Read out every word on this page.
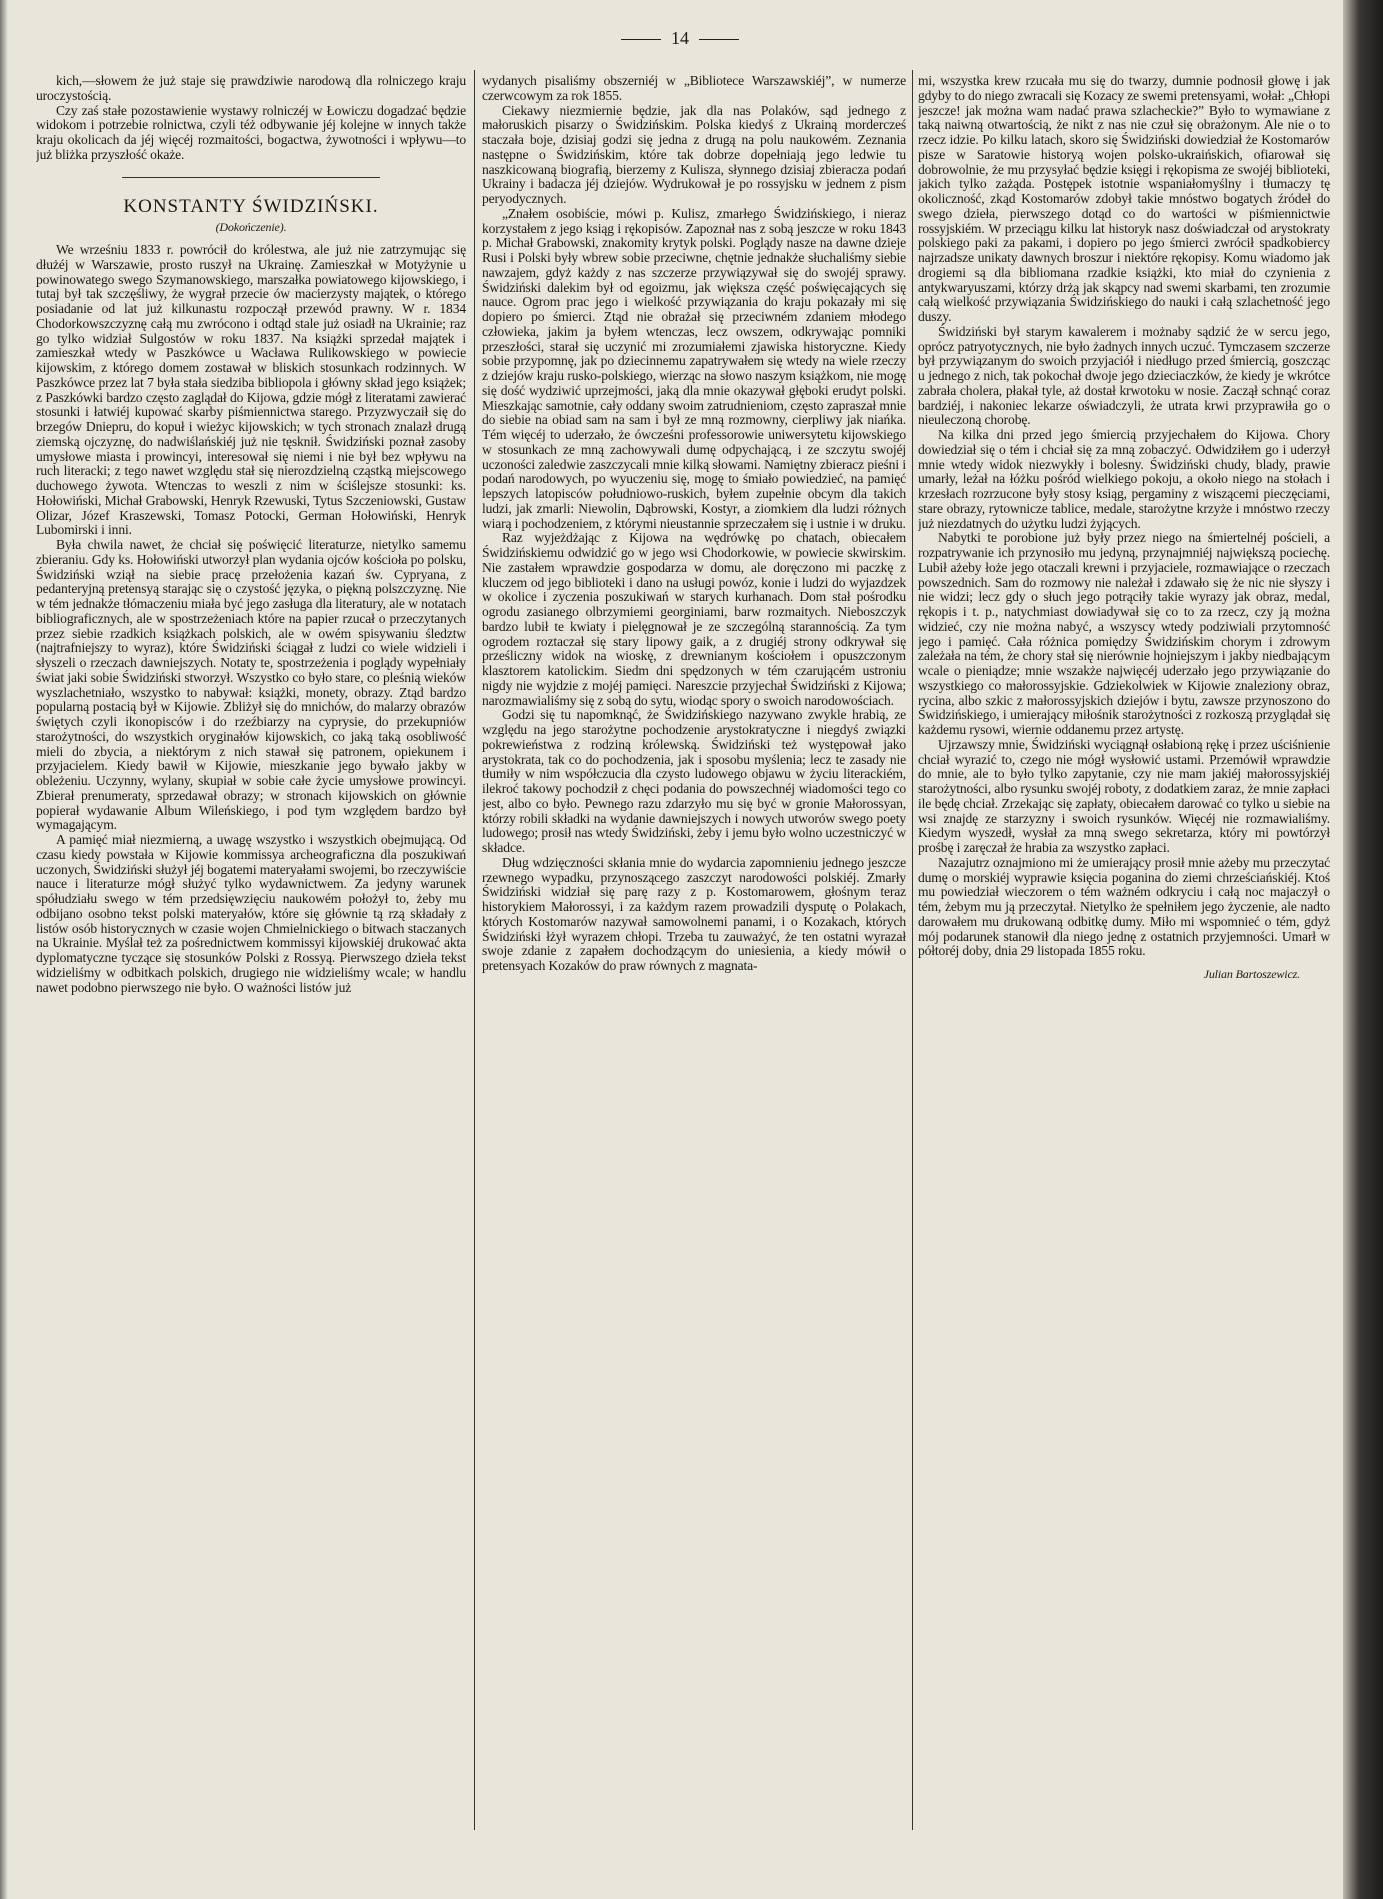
14

kich,—słowem że już staje się prawdziwie narodową dla rolniczego kraju uroczystością.

Czy zaś stałe pozostawienie wystawy rolniczéj w Łowiczu dogadzać będzie widokom i potrzebie rolnictwa, czyli téż odbywanie jéj kolejne w innych także kraju okolicach da jéj więcéj rozmaitości, bogactwa, żywotności i wpływu—to już bliżka przyszłość okaże.

KONSTANTY ŚWIDZIŃSKI.

(Dokończenie).

We wrześniu 1833 r. powrócił do królestwa, ale już nie zatrzymując się dłużéj w Warszawie, prosto ruszył na Ukrainę. Zamieszkał w Motyżynie u powinowatego swego Szymanowskiego, marszałka powiatowego kijowskiego, i tutaj był tak szczęśliwy, że wygrał przecie ów macierzysty majątek, o którego posiadanie od lat już kilkunastu rozpoczął przewód prawny. W r. 1834 Chodorkowszczyznę całą mu zwrócono i odtąd stale już osiadł na Ukrainie; raz go tylko widział Sulgostów w roku 1837. Na książki sprzedał majątek i zamieszkał wtedy w Paszkówce u Wacława Rulikowskiego w powiecie kijowskim, z którego domem zostawał w bliskich stosunkach rodzinnych. W Paszkówce przez lat 7 była stała siedziba bibliopola i główny skład jego książek; z Paszkówki bardzo często zaglądał do Kijowa, gdzie mógł z literatami zawierać stosunki i łatwiéj kupować skarby piśmiennictwa starego. Przyzwyczaił się do brzegów Dniepru, do kopuł i wieżyc kijowskich; w tych stronach znalazł drugą ziemską ojczyznę, do nadwiślańskiéj już nie tęsknił. Świdziński poznał zasoby umysłowe miasta i prowincyi, interesował się niemi i nie był bez wpływu na ruch literacki; z tego nawet względu stał się nierozdzielną cząstką miejscowego duchowego żywota. Wtenczas to weszli z nim w ściślejsze stosunki: ks. Hołowiński, Michał Grabowski, Henryk Rzewuski, Tytus Szczeniowski, Gustaw Olizar, Józef Kraszewski, Tomasz Potocki, German Hołowiński, Henryk Lubomirski i inni.

Była chwila nawet, że chciał się poświęcić literaturze, nietylko samemu zbieraniu. Gdy ks. Hołowiński utworzył plan wydania ojców kościoła po polsku, Świdziński wziął na siebie pracę przełożenia kazań św. Cypryana, z pedanteryjną pretensyą starając się o czystość języka, o piękną polszczyznę. Nie w tém jednakże tłómaczeniu miała być jego zasługa dla literatury, ale w notatach bibliograficznych, ale w spostrzeżeniach które na papier rzucał o przeczytanych przez siebie rzadkich książkach polskich, ale w owém spisywaniu śledztw (najtrafniejszy to wyraz), które Świdziński ściągał z ludzi co wiele widzieli i słyszeli o rzeczach dawniejszych. Notaty te, spostrzeżenia i poglądy wypełniały świat jaki sobie Świdziński stworzył. Wszystko co było stare, co pleśnią wieków wyszlachetniało, wszystko to nabywał: książki, monety, obrazy. Ztąd bardzo popularną postacią był w Kijowie. Zbliżył się do mnichów, do malarzy obrazów świętych czyli ikonopisców i do rzeźbiarzy na cyprysie, do przekupniów starożytności, do wszystkich oryginałów kijowskich, co jaką taką osobliwość mieli do zbycia, a niektórym z nich stawał się patronem, opiekunem i przyjacielem. Kiedy bawił w Kijowie, mieszkanie jego bywało jakby w obleżeniu. Uczynny, wylany, skupiał w sobie całe życie umysłowe prowincyi. Zbierał prenumeraty, sprzedawał obrazy; w stronach kijowskich on głównie popierał wydawanie Album Wileńskiego, i pod tym względem bardzo był wymagającym.

A pamięć miał niezmierną, a uwagę wszystko i wszystkich obejmującą. Od czasu kiedy powstała w Kijowie kommissya archeograficzna dla poszukiwań uczonych, Świdziński służył jéj bogatemi materyałami swojemi, bo rzeczywiście nauce i literaturze mógł służyć tylko wydawnictwem. Za jedyny warunek spółudziału swego w tém przedsięwzięciu naukowém położył to, żeby mu odbijano osobno tekst polski materyałów, które się głównie tą rzą składały z listów osób historycznych w czasie wojen Chmielnickiego o bitwach staczanych na Ukrainie. Myślał też za pośrednictwem kommissyi kijowskiéj drukować akta dyplomatyczne tyczące się stosunków Polski z Rossyą. Pierwszego dzieła tekst widzieliśmy w odbitkach polskich, drugiego nie widzieliśmy wcale; w handlu nawet podobno pierwszego nie było. O ważności listów już

wydanych pisaliśmy obszerniéj w „Bibliotece Warszawskiéj”, w numerze czerwcowym za rok 1855.

Ciekawy niezmiernie będzie, jak dla nas Polaków, sąd jednego z małoruskich pisarzy o Świdzińskim. Polska kiedyś z Ukrainą mordercześ staczała boje, dzisiaj godzi się jedna z drugą na polu naukowém. Zeznania następne o Świdzińskim, które tak dobrze dopełniają jego ledwie tu naszkicowaną biografią, bierzemy z Kulisza, słynnego dzisiaj zbieracza podań Ukrainy i badacza jéj dziejów. Wydrukował je po rossyjsku w jednem z pism peryodycznych.

„Znałem osobiście, mówi p. Kulisz, zmarłego Świdzińskiego, i nieraz korzystałem z jego ksiąg i rękopisów. Zapoznał nas z sobą jeszcze w roku 1843 p. Michał Grabowski, znakomity krytyk polski. Poglądy nasze na dawne dzieje Rusi i Polski były wbrew sobie przeciwne, chętnie jednakże słuchaliśmy siebie nawzajem, gdyż każdy z nas szczerze przywiązywał się do swojéj sprawy. Świdziński dalekim był od egoizmu, jak większa część poświęcających się nauce. Ogrom prac jego i wielkość przywiązania do kraju pokazały mi się dopiero po śmierci. Ztąd nie obrażał się przeciwném zdaniem młodego człowieka, jakim ja byłem wtenczas, lecz owszem, odkrywając pomniki przeszłości, starał się uczynić mi zrozumiałemi zjawiska historyczne. Kiedy sobie przypomnę, jak po dziecinnemu zapatrywałem się wtedy na wiele rzeczy z dziejów kraju rusko-polskiego, wierząc na słowo naszym książkom, nie mogę się dość wydziwić uprzejmości, jaką dla mnie okazywał głęboki erudyt polski. Mieszkając samotnie, cały oddany swoim zatrudnieniom, często zapraszał mnie do siebie na obiad sam na sam i był ze mną rozmowny, cierpliwy jak niańka. Tém więcéj to uderzało, że ówcześni professorowie uniwersytetu kijowskiego w stosunkach ze mną zachowywali dumę odpychającą, i ze szczytu swojéj uczoności zaledwie zaszczycali mnie kilką słowami. Namiętny zbieracz pieśni i podań narodowych, po wyuczeniu się, mogę to śmiało powiedzieć, na pamięć lepszych latopisców południowo-ruskich, byłem zupełnie obcym dla takich ludzi, jak zmarli: Niewolin, Dąbrowski, Kostyr, a ziomkiem dla ludzi różnych wiarą i pochodzeniem, z którymi nieustannie sprzeczałem się i ustnie i w druku.

Raz wyjeżdżając z Kijowa na wędrówkę po chatach, obiecałem Świdzińskiemu odwidzić go w jego wsi Chodorkowie, w powiecie skwirskim. Nie zastałem wprawdzie gospodarza w domu, ale doręczono mi paczkę z kluczem od jego biblioteki i dano na usługi powóz, konie i ludzi do wyjazdzek w okolice i zyczenia poszukiwań w starych kurhanach. Dom stał pośrodku ogrodu zasianego olbrzymiemi georginiami, barw rozmaitych. Nieboszczyk bardzo lubił te kwiaty i pielęgnował je ze szczególną starannością. Za tym ogrodem roztaczał się stary lipowy gaik, a z drugiéj strony odkrywał się prześliczny widok na wioskę, z drewnianym kościołem i opuszczonym klasztorem katolickim. Siedm dni spędzonych w tém czarującém ustroniu nigdy nie wyjdzie z mojéj pamięci. Nareszcie przyjechał Świdziński z Kijowa; narozmawialiśmy się z sobą do sytu, wiodąc spory o swoich narodowościach.

Godzi się tu napomknąć, że Świdzińskiego nazywano zwykle hrabią, ze względu na jego starożytne pochodzenie arystokratyczne i niegdyś związki pokrewieństwa z rodziną królewską. Świdziński też występował jako arystokrata, tak co do pochodzenia, jak i sposobu myślenia; lecz te zasady nie tłumiły w nim współczucia dla czysto ludowego objawu w życiu literackiém, ilekroć takowy pochodził z chęci podania do powszechnéj wiadomości tego co jest, albo co było. Pewnego razu zdarzyło mu się być w gronie Małorossyan, którzy robili składki na wydanie dawniejszych i nowych utworów swego poety ludowego; prosił nas wtedy Świdziński, żeby i jemu było wolno uczestniczyć w składce.

Dług wdzięczności skłania mnie do wydarcia zapomnieniu jednego jeszcze rzewnego wypadku, przynoszącego zaszczyt narodowości polskiéj. Zmarły Świdziński widział się parę razy z p. Kostomarowem, głośnym teraz historykiem Małorossyi, i za każdym razem prowadzili dysputę o Polakach, których Kostomarów nazywał samowolnemi panami, i o Kozakach, których Świdziński łżył wyrazem chłopi. Trzeba tu zauważyć, że ten ostatni wyrazał swoje zdanie z zapałem dochodzącym do uniesienia, a kiedy mówił o pretensyach Kozaków do praw równych z magnata-

mi, wszystka krew rzucała mu się do twarzy, dumnie podnosił głowę i jak gdyby to do niego zwracali się Kozacy ze swemi pretensyami, wołał: „Chłopi jeszcze! jak można wam nadać prawa szlacheckie?” Było to wymawiane z taką naiwną otwartością, że nikt z nas nie czuł się obrażonym. Ale nie o to rzecz idzie. Po kilku latach, skoro się Świdziński dowiedział że Kostomarów pisze w Saratowie historyą wojen polsko-ukraińskich, ofiarował się dobrowolnie, że mu przysyłać będzie księgi i rękopisma ze swojéj biblioteki, jakich tylko zażąda. Postępek istotnie wspaniałomyślny i tłumaczy tę okoliczność, zkąd Kostomarów zdobył takie mnóstwo bogatych źródeł do swego dzieła, pierwszego dotąd co do wartości w piśmiennictwie rossyjskiém. W przeciągu kilku lat historyk nasz doświadczał od arystokraty polskiego paki za pakami, i dopiero po jego śmierci zwrócił spadkobiercy najrzadsze unikaty dawnych broszur i niektóre rękopisy. Komu wiadomo jak drogiemi są dla bibliomana rzadkie książki, kto miał do czynienia z antykwaryuszami, którzy drżą jak skąpcy nad swemi skarbami, ten zrozumie całą wielkość przywiązania Świdzińskiego do nauki i całą szlachetność jego duszy.

Świdziński był starym kawalerem i możnaby sądzić że w sercu jego, oprócz patryotycznych, nie było żadnych innych uczuć. Tymczasem szczerze był przywiązanym do swoich przyjaciół i niedługo przed śmiercią, goszcząc u jednego z nich, tak pokochał dwoje jego dzieciaczków, że kiedy je wkrótce zabrała cholera, płakał tyle, aż dostał krwotoku w nosie. Zaczął schnąć coraz bardziéj, i nakoniec lekarze oświadczyli, że utrata krwi przyprawiła go o nieuleczoną chorobę.

Na kilka dni przed jego śmiercią przyjechałem do Kijowa. Chory dowiedział się o tém i chciał się za mną zobaczyć. Odwidziłem go i uderzył mnie wtedy widok niezwykły i bolesny. Świdziński chudy, blady, prawie umarły, leżał na łóżku pośród wielkiego pokoju, a około niego na stołach i krzesłach rozrzucone były stosy ksiąg, pergaminy z wiszącemi pieczęciami, stare obrazy, rytownicze tablice, medale, starożytne krzyże i mnóstwo rzeczy już niezdatnych do użytku ludzi żyjących.

Nabytki te porobione już były przez niego na śmiertelnéj pościeli, a rozpatrywanie ich przynosiło mu jedyną, przynajmniéj największą pociechę. Lubił ażeby łoże jego otaczali krewni i przyjaciele, rozmawiające o rzeczach powszednich. Sam do rozmowy nie należał i zdawało się że nic nie słyszy i nie widzi; lecz gdy o słuch jego potrąciły takie wyrazy jak obraz, medal, rękopis i t. p., natychmiast dowiadywał się co to za rzecz, czy ją można widzieć, czy nie można nabyć, a wszyscy wtedy podziwiali przytomność jego i pamięć. Cała różnica pomiędzy Świdzińskim chorym i zdrowym zależała na tém, że chory stał się nierównie hojniejszym i jakby niedbającym wcale o pieniądze; mnie wszakże najwięcéj uderzało jego przywiązanie do wszystkiego co małorossyjskie. Gdziekolwiek w Kijowie znaleziony obraz, rycina, albo szkic z małorossyjskich dziejów i bytu, zawsze przynoszono do Świdzińskiego, i umierający miłośnik starożytności z rozkoszą przyglądał się każdemu rysowi, wiernie oddanemu przez artystę.

Ujrzawszy mnie, Świdziński wyciągnął osłabioną rękę i przez uściśnienie chciał wyrazić to, czego nie mógł wysłowić ustami. Przemówił wprawdzie do mnie, ale to było tylko zapytanie, czy nie mam jakiéj małorossyjskiéj starożytności, albo rysunku swojéj roboty, z dodatkiem zaraz, że mnie zapłaci ile będę chciał. Zrzekając się zapłaty, obiecałem darować co tylko u siebie na wsi znajdę ze starzyzny i swoich rysunków. Więcéj nie rozmawialiśmy. Kiedym wyszedł, wysłał za mną swego sekretarza, który mi powtórzył prośbę i zaręczał że hrabia za wszystko zapłaci.

Nazajutrz oznajmiono mi że umierający prosił mnie ażeby mu przeczytać dumę o morskiéj wyprawie księcia poganina do ziemi chrześciańskiéj. Ktoś mu powiedział wieczorem o tém ważném odkryciu i całą noc majaczył o tém, żebym mu ją przeczytał. Nietylko że spełniłem jego życzenie, ale nadto darowałem mu drukowaną odbitkę dumy. Miło mi wspomnieć o tém, gdyż mój podarunek stanowił dla niego jednę z ostatnich przyjemności. Umarł w półtoréj doby, dnia 29 listopada 1855 roku.

Julian Bartoszewicz.
